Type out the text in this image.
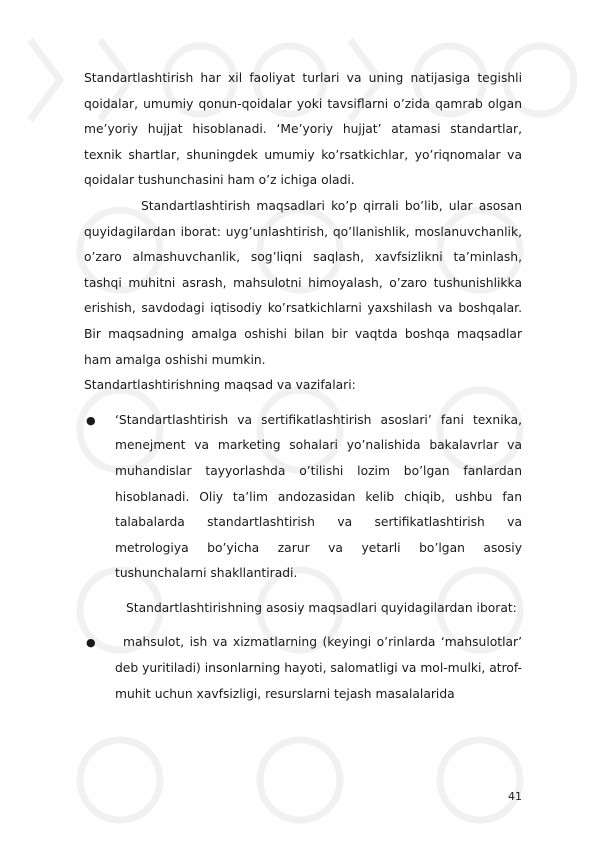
Standartlashtirish har xil faoliyat turlari va uning natijasiga tegishli qoidalar, umumiy qonun-qoidalar yoki tavsiflarni o’zida qamrab olgan me’yoriy hujjat hisoblanadi. ‘Me’yoriy hujjat’ atamasi standartlar, texnik shartlar, shuningdek umumiy ko’rsatkichlar, yo’riqnomalar va qoidalar tushunchasini ham o’z ichiga oladi.

Standartlashtirish maqsadlari ko’p qirrali bo’lib, ular asosan quyidagilardan iborat: uyg’unlashtirish, qo’llanishlik, moslanuvchanlik, o’zaro almashuvchanlik, sog’liqni saqlash, xavfsizlikni ta’minlash, tashqi muhitni asrash, mahsulotni himoyalash, o’zaro tushunishlikka erishish, savdodagi iqtisodiy ko’rsatkichlarni yaxshilash va boshqalar. Bir maqsadning amalga oshishi bilan bir vaqtda boshqa maqsadlar ham amalga oshishi mumkin.

Standartlashtirishning maqsad va vazifalari:

● ‘Standartlashtirish va sertifikatlashtirish asoslari’ fani texnika, menejment va marketing sohalari yo’nalishida bakalavrlar va muhandislar tayyorlashda o’tilishi lozim bo’lgan fanlardan hisoblanadi. Oliy ta’lim andozasidan kelib chiqib, ushbu fan talabalarda standartlashtirish va sertifikatlashtirish va metrologiya bo’yicha zarur va yetarli bo’lgan asosiy tushunchalarni shakllantiradi.

Standartlashtirishning asosiy maqsadlari quyidagilardan iborat:

●	mahsulot, ish va xizmatlarning (keyingi o’rinlarda ‘mahsulotlar’ deb yuritiladi) insonlarning hayoti, salomatligi va mol-mulki, atrof-muhit uchun xavfsizligi, resurslarni tejash masalalarida
41
